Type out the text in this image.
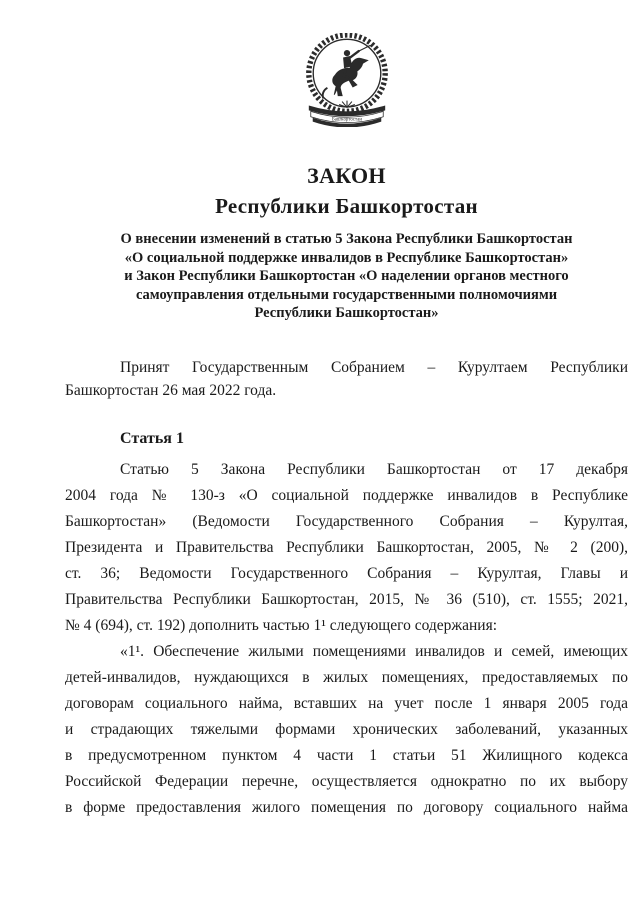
Башҡортостан
ЗАКОН
Республики Башкортостан
О внесении изменений в статью 5 Закона Республики Башкортостан
«О социальной поддержке инвалидов в Республике Башкортостан»
и Закон Республики Башкортостан «О наделении органов местного
самоуправления отдельными государственными полномочиями
Республики Башкортостан»
Принят Государственным Собранием – Курултаем Республики
Башкортостан 26 мая 2022 года.
Статья 1
Статью 5 Закона Республики Башкортостан от 17 декабря
2004 года № 130-з «О социальной поддержке инвалидов в Республике
Башкортостан» (Ведомости Государственного Собрания – Курултая,
Президента и Правительства Республики Башкортостан, 2005, № 2 (200),
ст. 36; Ведомости Государственного Собрания – Курултая, Главы и
Правительства Республики Башкортостан, 2015, № 36 (510), ст. 1555; 2021,
№ 4 (694), ст. 192) дополнить частью 1¹ следующего содержания:
«1¹. Обеспечение жилыми помещениями инвалидов и семей, имеющих
детей-инвалидов, нуждающихся в жилых помещениях, предоставляемых по
договорам социального найма, вставших на учет после 1 января 2005 года
и страдающих тяжелыми формами хронических заболеваний, указанных
в предусмотренном пунктом 4 части 1 статьи 51 Жилищного кодекса
Российской Федерации перечне, осуществляется однократно по их выбору
в форме предоставления жилого помещения по договору социального найма
